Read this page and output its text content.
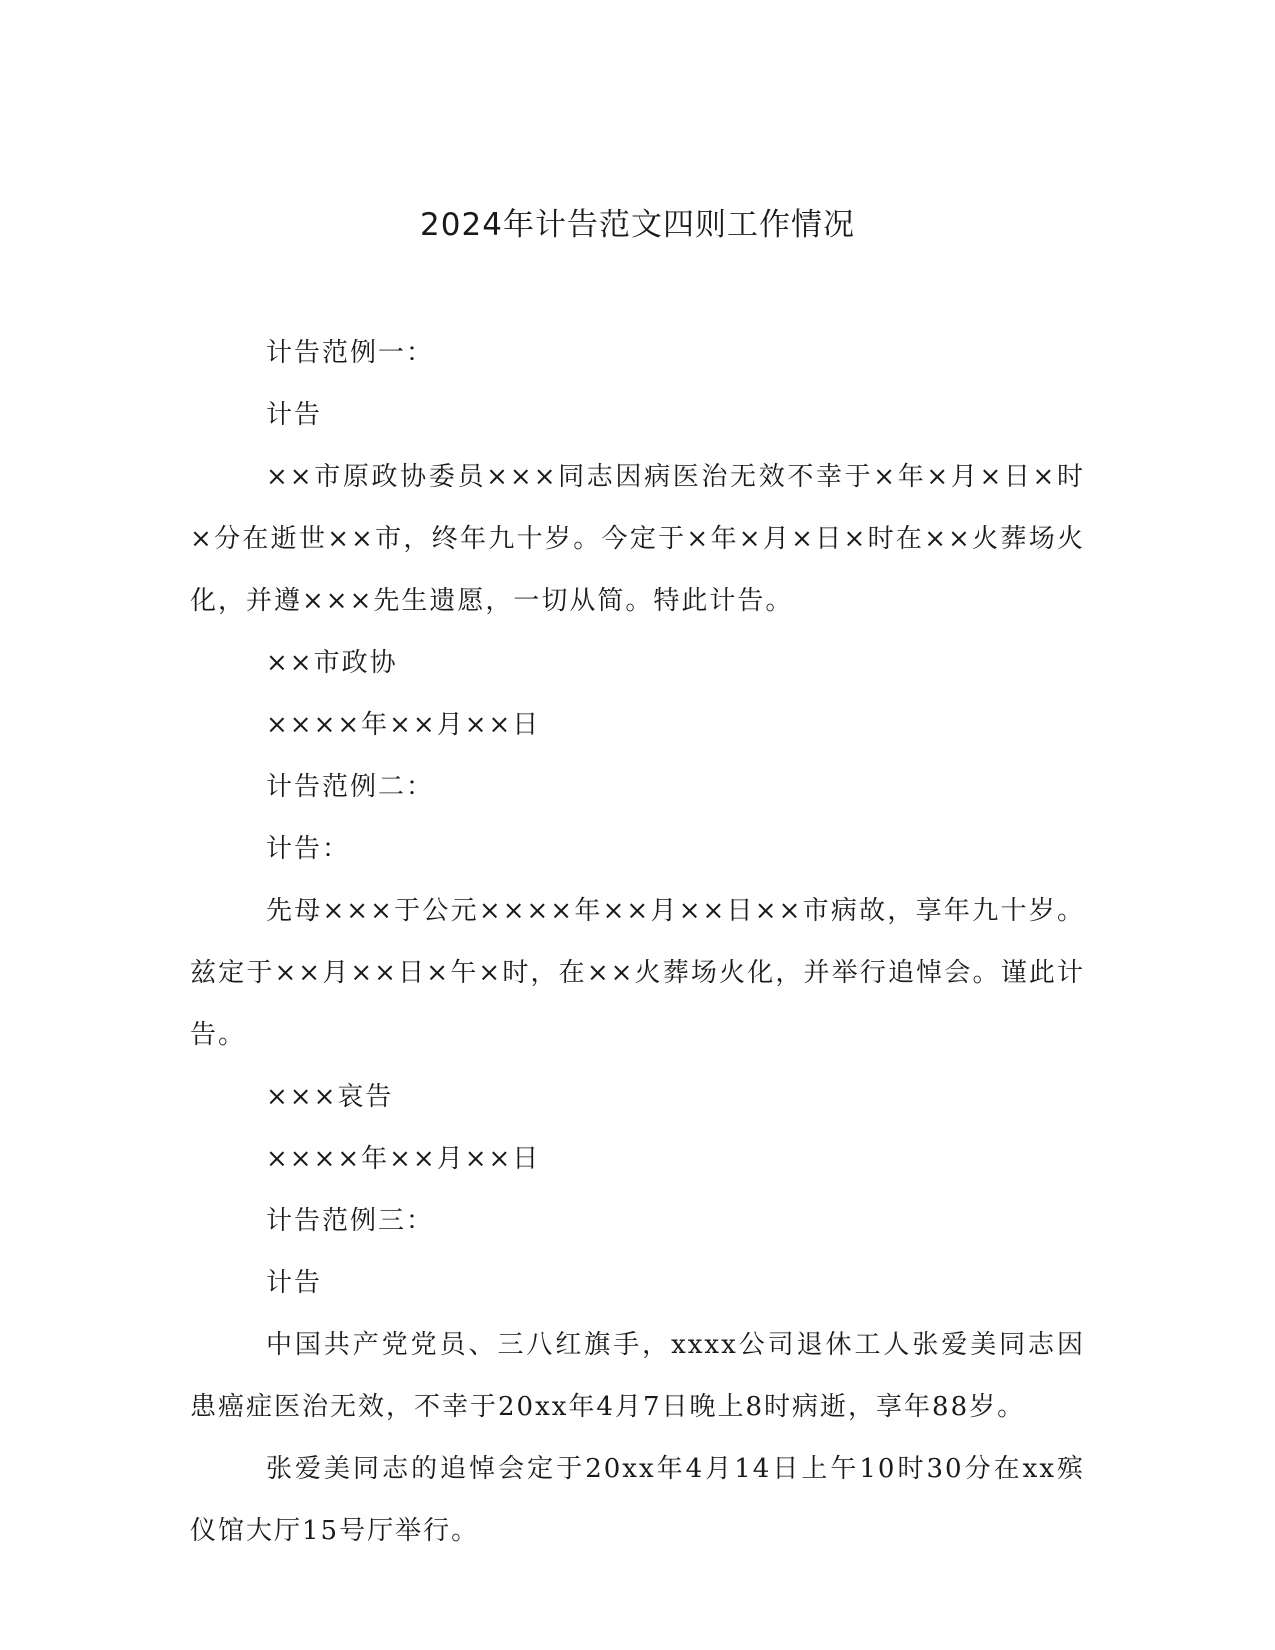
2024年计告范文四则工作情况

计告范例一：

计告

××市原政协委员×××同志因病医治无效不幸于×年×月×日×时×分在逝世××市，终年九十岁。今定于×年×月×日×时在××火葬场火化，并遵×××先生遗愿，一切从简。特此计告。

××市政协

××××年××月××日

计告范例二：

计告：

先母×××于公元××××年××月××日××市病故，享年九十岁。兹定于××月××日×午×时，在××火葬场火化，并举行追悼会。谨此计告。

×××哀告

××××年××月××日

计告范例三：

计告

中国共产党党员、三八红旗手，xxxx公司退休工人张爱美同志因患癌症医治无效，不幸于20xx年4月7日晚上8时病逝，享年88岁。

张爱美同志的追悼会定于20xx年4月14日上午10时30分在xx殡仪馆大厅15号厅举行。
